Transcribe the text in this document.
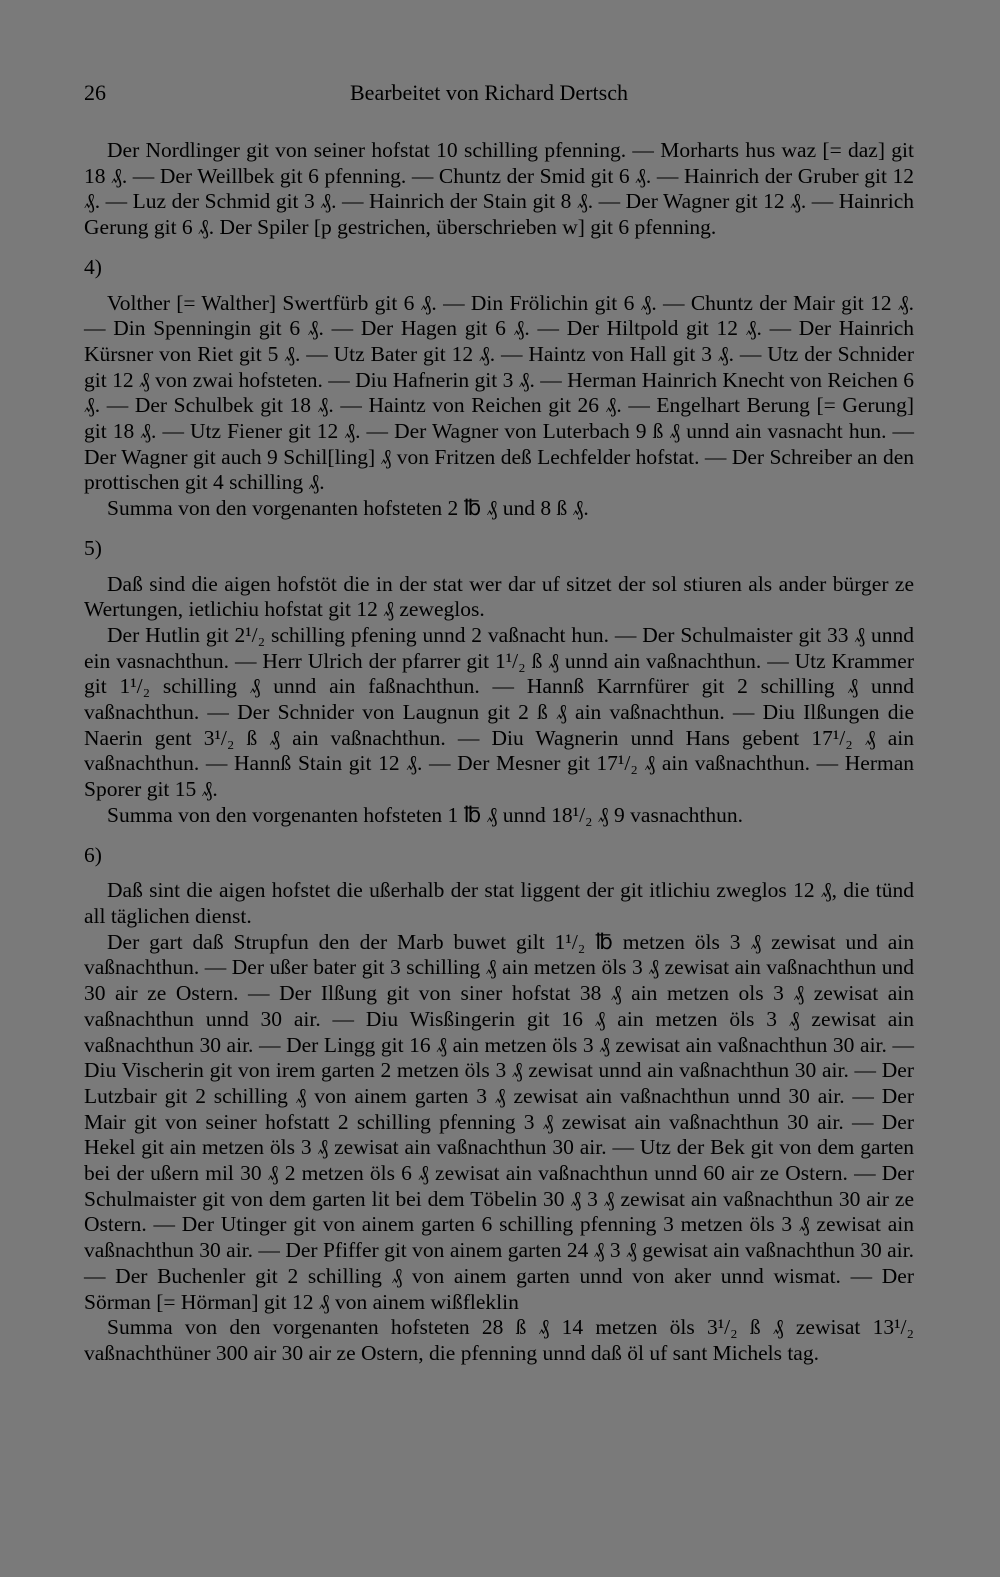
26	Bearbeitet von Richard Dertsch

Der Nordlinger git von seiner hofstat 10 schilling pfenning. — Morharts hus waz [= daz] git 18 ₰. — Der Weillbek git 6 pfenning. — Chuntz der Smid git 6 ₰. — Hainrich der Gruber git 12 ₰. — Luz der Schmid git 3 ₰. — Hainrich der Stain git 8 ₰. — Der Wagner git 12 ₰. — Hainrich Gerung git 6 ₰. Der Spiler [p gestrichen, überschrieben w] git 6 pfenning.

4)

Volther [= Walther] Swertfürb git 6 ₰. — Din Frölichin git 6 ₰. — Chuntz der Mair git 12 ₰. — Din Spenningin git 6 ₰. — Der Hagen git 6 ₰. — Der Hiltpold git 12 ₰. — Der Hainrich Kürsner von Riet git 5 ₰. — Utz Bater git 12 ₰. — Haintz von Hall git 3 ₰. — Utz der Schnider git 12 ₰ von zwai hofsteten. — Diu Hafnerin git 3 ₰. — Herman Hainrich Knecht von Reichen 6 ₰. — Der Schulbek git 18 ₰. — Haintz von Reichen git 26 ₰. — Engelhart Berung [= Gerung] git 18 ₰. — Utz Fiener git 12 ₰. — Der Wagner von Luterbach 9 ß ₰ unnd ain vasnacht hun. — Der Wagner git auch 9 Schil[ling] ₰ von Fritzen deß Lechfelder hofstat. — Der Schreiber an den prottischen git 4 schilling ₰.

Summa von den vorgenanten hofsteten 2 ℔ ₰ und 8 ß ₰.

5)

Daß sind die aigen hofstöt die in der stat wer dar uf sitzet der sol stiuren als ander bürger ze Wertungen, ietlichiu hofstat git 12 ₰ zeweglos.

Der Hutlin git 2¹/₂ schilling pfening unnd 2 vaßnacht hun. — Der Schulmaister git 33 ₰ unnd ein vasnachthun. — Herr Ulrich der pfarrer git 1¹/₂ ß ₰ unnd ain vaßnachthun. — Utz Krammer git 1¹/₂ schilling ₰ unnd ain faßnachthun. — Hannß Karrnfürer git 2 schilling ₰ unnd vaßnachthun. — Der Schnider von Laugnun git 2 ß ₰ ain vaßnachthun. — Diu Ilßungen die Naerin gent 3¹/₂ ß ₰ ain vaßnachthun. — Diu Wagnerin unnd Hans gebent 17¹/₂ ₰ ain vaßnachthun. — Hannß Stain git 12 ₰. — Der Mesner git 17¹/₂ ₰ ain vaßnachthun. — Herman Sporer git 15 ₰.

Summa von den vorgenanten hofsteten 1 ℔ ₰ unnd 18¹/₂ ₰ 9 vasnachthun.

6)

Daß sint die aigen hofstet die ußerhalb der stat liggent der git itlichiu zweglos 12 ₰, die tünd all täglichen dienst.

Der gart daß Strupfun den der Marb buwet gilt 1¹/₂ ℔ metzen öls 3 ₰ zewisat und ain vaßnachthun. — Der ußer bater git 3 schilling ₰ ain metzen öls 3 ₰ zewisat ain vaßnachthun und 30 air ze Ostern. — Der Ilßung git von siner hofstat 38 ₰ ain metzen ols 3 ₰ zewisat ain vaßnachthun unnd 30 air. — Diu Wisßingerin git 16 ₰ ain metzen öls 3 ₰ zewisat ain vaßnachthun 30 air. — Der Lingg git 16 ₰ ain metzen öls 3 ₰ zewisat ain vaßnachthun 30 air. — Diu Vischerin git von irem garten 2 metzen öls 3 ₰ zewisat unnd ain vaßnachthun 30 air. — Der Lutzbair git 2 schilling ₰ von ainem garten 3 ₰ zewisat ain vaßnachthun unnd 30 air. — Der Mair git von seiner hofstatt 2 schilling pfenning 3 ₰ zewisat ain vaßnachthun 30 air. — Der Hekel git ain metzen öls 3 ₰ zewisat ain vaßnachthun 30 air. — Utz der Bek git von dem garten bei der ußern mil 30 ₰ 2 metzen öls 6 ₰ zewisat ain vaßnachthun unnd 60 air ze Ostern. — Der Schulmaister git von dem garten lit bei dem Töbelin 30 ₰ 3 ₰ zewisat ain vaßnachthun 30 air ze Ostern. — Der Utinger git von ainem garten 6 schilling pfenning 3 metzen öls 3 ₰ zewisat ain vaßnachthun 30 air. — Der Pfiffer git von ainem garten 24 ₰ 3 ₰ gewisat ain vaßnachthun 30 air. — Der Buchenler git 2 schilling ₰ von ainem garten unnd von aker unnd wismat. — Der Sörman [= Hörman] git 12 ₰ von ainem wißfleklin

Summa von den vorgenanten hofsteten 28 ß ₰ 14 metzen öls 3¹/₂ ß ₰ zewisat 13¹/₂ vaßnachthüner 300 air 30 air ze Ostern, die pfenning unnd daß öl uf sant Michels tag.
